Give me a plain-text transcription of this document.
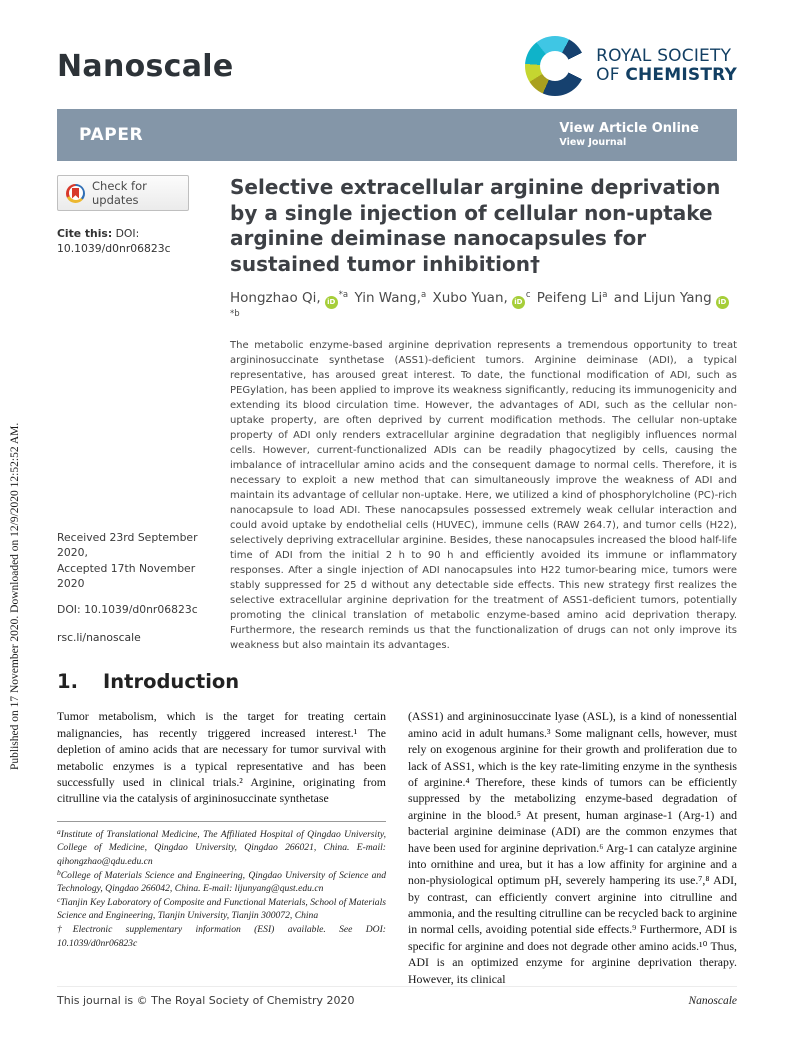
Published on 17 November 2020. Downloaded on 12/9/2020 12:52:52 AM.
Nanoscale	ROYAL SOCIETY
OF CHEMISTRY
PAPER	View Article Online
View Journal
Check for updates
Cite this: DOI: 10.1039/d0nr06823c
Received 23rd September 2020,
Accepted 17th November 2020
DOI: 10.1039/d0nr06823c
rsc.li/nanoscale
Selective extracellular arginine deprivation by a single injection of cellular non-uptake arginine deiminase nanocapsules for sustained tumor inhibition†
Hongzhao Qi, $iD^{*a}$ Yin Wang,$^a$ Xubo Yuan, $iD^c$ Peifeng Li$^a$ and Lijun Yang $iD^{*b}$
The metabolic enzyme-based arginine deprivation represents a tremendous opportunity to treat argininosuccinate synthetase (ASS1)-deficient tumors. Arginine deiminase (ADI), a typical representative, has aroused great interest. To date, the functional modification of ADI, such as PEGylation, has been applied to improve its weakness significantly, reducing its immunogenicity and extending its blood circulation time. However, the advantages of ADI, such as the cellular non-uptake property, are often deprived by current modification methods. The cellular non-uptake property of ADI only renders extracellular arginine degradation that negligibly influences normal cells. However, current-functionalized ADIs can be readily phagocytized by cells, causing the imbalance of intracellular amino acids and the consequent damage to normal cells. Therefore, it is necessary to exploit a new method that can simultaneously improve the weakness of ADI and maintain its advantage of cellular non-uptake. Here, we utilized a kind of phosphorylcholine (PC)-rich nanocapsule to load ADI. These nanocapsules possessed extremely weak cellular interaction and could avoid uptake by endothelial cells (HUVEC), immune cells (RAW 264.7), and tumor cells (H22), selectively depriving extracellular arginine. Besides, these nanocapsules increased the blood half-life time of ADI from the initial 2 h to 90 h and efficiently avoided its immune or inflammatory responses. After a single injection of ADI nanocapsules into H22 tumor-bearing mice, tumors were stably suppressed for 25 d without any detectable side effects. This new strategy first realizes the selective extracellular arginine deprivation for the treatment of ASS1-deficient tumors, potentially promoting the clinical translation of metabolic enzyme-based amino acid deprivation therapy. Furthermore, the research reminds us that the functionalization of drugs can not only improve its weakness but also maintain its advantages.
1.	Introduction

Tumor metabolism, which is the target for treating certain malignancies, has recently triggered increased interest.¹ The depletion of amino acids that are necessary for tumor survival with metabolic enzymes is a typical representative and has been successfully used in clinical trials.² Arginine, originating from citrulline via the catalysis of argininosuccinate synthetase

$^a$Institute of Translational Medicine, The Affiliated Hospital of Qingdao University, College of Medicine, Qingdao University, Qingdao 266021, China. E-mail: qihongzhao@qdu.edu.cn

$^b$College of Materials Science and Engineering, Qingdao University of Science and Technology, Qingdao 266042, China. E-mail: lijunyang@qust.edu.cn

$^c$Tianjin Key Laboratory of Composite and Functional Materials, School of Materials Science and Engineering, Tianjin University, Tianjin 300072, China

†Electronic supplementary information (ESI) available. See DOI: 10.1039/d0nr06823c

(ASS1) and argininosuccinate lyase (ASL), is a kind of nonessential amino acid in adult humans.³ Some malignant cells, however, must rely on exogenous arginine for their growth and proliferation due to lack of ASS1, which is the key rate-limiting enzyme in the synthesis of arginine.⁴ Therefore, these kinds of tumors can be efficiently suppressed by the metabolizing enzyme-based degradation of arginine in the blood.⁵ At present, human arginase-1 (Arg-1) and bacterial arginine deiminase (ADI) are the common enzymes that have been used for arginine deprivation.⁶ Arg-1 can catalyze arginine into ornithine and urea, but it has a low affinity for arginine and a non-physiological optimum pH, severely hampering its use.⁷,⁸ ADI, by contrast, can efficiently convert arginine into citrulline and ammonia, and the resulting citrulline can be recycled back to arginine in normal cells, avoiding potential side effects.⁹ Furthermore, ADI is specific for arginine and does not degrade other amino acids.¹⁰ Thus, ADI is an optimized enzyme for arginine deprivation therapy. However, its clinical

This journal is © The Royal Society of Chemistry 2020	Nanoscale
